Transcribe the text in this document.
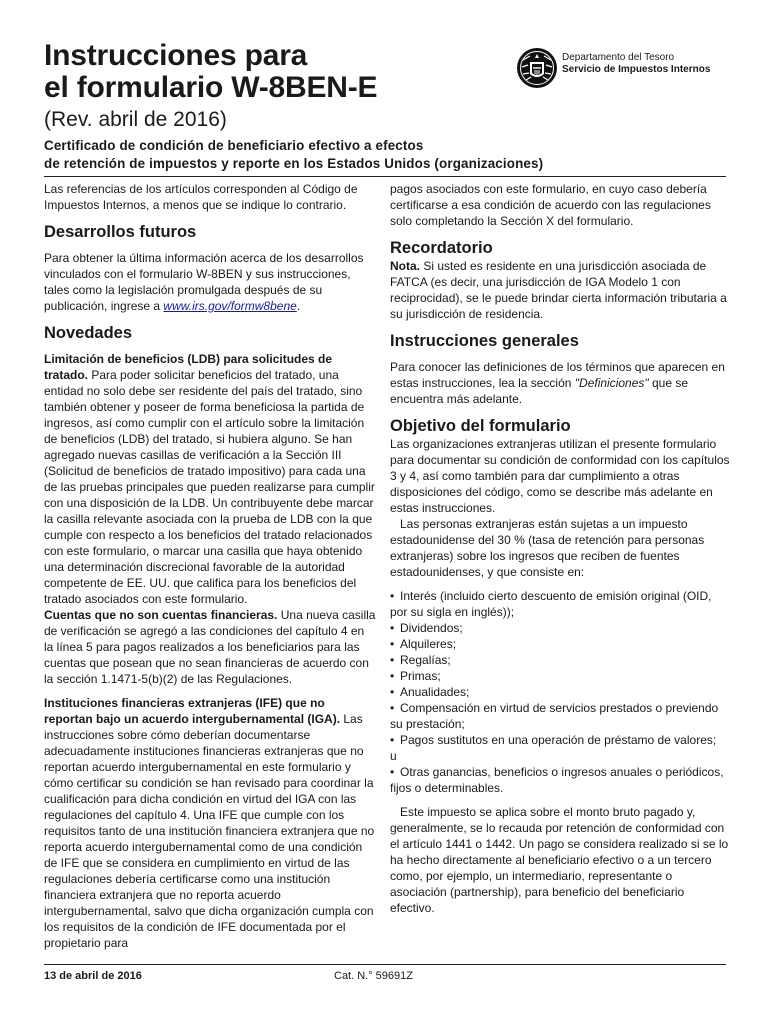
Instrucciones para
el formulario W-8BEN-E
(Rev. abril de 2016)
Certificado de condición de beneficiario efectivo a efectos
de retención de impuestos y reporte en los Estados Unidos (organizaciones)
Departamento del Tesoro
Servicio de Impuestos Internos

Las referencias de los artículos corresponden al Código de Impuestos Internos, a menos que se indique lo contrario.

Desarrollos futuros

Para obtener la última información acerca de los desarrollos vinculados con el formulario W-8BEN y sus instrucciones, tales como la legislación promulgada después de su publicación, ingrese a www.irs.gov/formw8bene.

Novedades

Limitación de beneficios (LDB) para solicitudes de tratado. Para poder solicitar beneficios del tratado, una entidad no solo debe ser residente del país del tratado, sino también obtener y poseer de forma beneficiosa la partida de ingresos, así como cumplir con el artículo sobre la limitación de beneficios (LDB) del tratado, si hubiera alguno. Se han agregado nuevas casillas de verificación a la Sección III (Solicitud de beneficios de tratado impositivo) para cada una de las pruebas principales que pueden realizarse para cumplir con una disposición de la LDB. Un contribuyente debe marcar la casilla relevante asociada con la prueba de LDB con la que cumple con respecto a los beneficios del tratado relacionados con este formulario, o marcar una casilla que haya obtenido una determinación discrecional favorable de la autoridad competente de EE. UU. que califica para los beneficios del tratado asociados con este formulario.

Cuentas que no son cuentas financieras. Una nueva casilla de verificación se agregó a las condiciones del capítulo 4 en la línea 5 para pagos realizados a los beneficiarios para las cuentas que posean que no sean financieras de acuerdo con la sección 1.1471-5(b)(2) de las Regulaciones.

Instituciones financieras extranjeras (IFE) que no reportan bajo un acuerdo intergubernamental (IGA). Las instrucciones sobre cómo deberían documentarse adecuadamente instituciones financieras extranjeras que no reportan acuerdo intergubernamental en este formulario y cómo certificar su condición se han revisado para coordinar la cualificación para dicha condición en virtud del IGA con las regulaciones del capítulo 4. Una IFE que cumple con los requisitos tanto de una institución financiera extranjera que no reporta acuerdo intergubernamental como de una condición de IFE que se considera en cumplimiento en virtud de las regulaciones debería certificarse como una institución financiera extranjera que no reporta acuerdo intergubernamental, salvo que dicha organización cumpla con los requisitos de la condición de IFE documentada por el propietario para

pagos asociados con este formulario, en cuyo caso debería certificarse a esa condición de acuerdo con las regulaciones solo completando la Sección X del formulario.

Recordatorio

Nota. Si usted es residente en una jurisdicción asociada de FATCA (es decir, una jurisdicción de IGA Modelo 1 con reciprocidad), se le puede brindar cierta información tributaria a su jurisdicción de residencia.

Instrucciones generales

Para conocer las definiciones de los términos que aparecen en estas instrucciones, lea la sección "Definiciones" que se encuentra más adelante.

Objetivo del formulario

Las organizaciones extranjeras utilizan el presente formulario para documentar su condición de conformidad con los capítulos 3 y 4, así como también para dar cumplimiento a otras disposiciones del código, como se describe más adelante en estas instrucciones.

Las personas extranjeras están sujetas a un impuesto estadounidense del 30 % (tasa de retención para personas extranjeras) sobre los ingresos que reciben de fuentes estadounidenses, y que consiste en:

• Interés (incluido cierto descuento de emisión original (OID, por su sigla en inglés));
• Dividendos;
• Alquileres;
• Regalías;
• Primas;
• Anualidades;
• Compensación en virtud de servicios prestados o previendo su prestación;
• Pagos sustitutos en una operación de préstamo de valores;

u

• Otras ganancias, beneficios o ingresos anuales o periódicos, fijos o determinables.

Este impuesto se aplica sobre el monto bruto pagado y, generalmente, se lo recauda por retención de conformidad con el artículo 1441 o 1442. Un pago se considera realizado si se lo ha hecho directamente al beneficiario efectivo o a un tercero como, por ejemplo, un intermediario, representante o asociación (partnership), para beneficio del beneficiario efectivo.

13 de abril de 2016	Cat. N.° 59691Z
